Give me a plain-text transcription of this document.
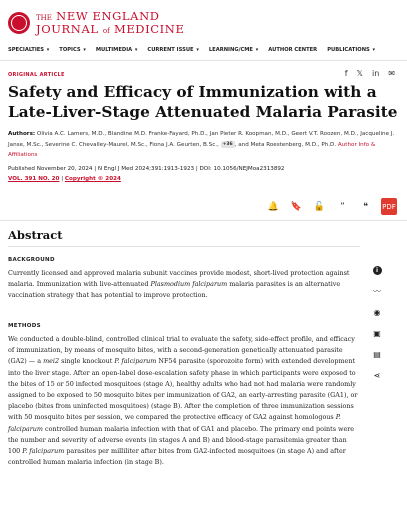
THE NEW ENGLAND
JOURNAL of MEDICINE
SPECIALTIES ▾ TOPICS ▾ MULTIMEDIA ▾ CURRENT ISSUE ▾ LEARNING/CME ▾ AUTHOR CENTER PUBLICATIONS ▾
ORIGINAL ARTICLE	f 𝕏 in ✉
Safety and Efficacy of Immunization with a Late-Liver-Stage Attenuated Malaria Parasite
Authors: Olivia A.C. Lamers, M.D., Blandine M.D. Franke-Fayard, Ph.D., Jan Pieter R. Koopman, M.D., Geert V.T. Roozen, M.D., Jacqueline J. Janse, M.Sc., Severine C. Chevalley-Maurel, M.Sc., Fiona J.A. Geurten, B.Sc., +36 , and Meta Roestenberg, M.D., Ph.D. Author Info & Affiliations
Published November 20, 2024 | N Engl J Med 2024;391:1913-1923 | DOI: 10.1056/NEJMoa2313892
VOL. 391 NO. 20 | Copyright © 2024
🔔	🔖	🔓	”	❝	PDF
Abstract
BACKGROUND

Currently licensed and approved malaria subunit vaccines provide modest, short-lived protection against malaria. Immunization with live-attenuated Plasmodium falciparum malaria parasites is an alternative vaccination strategy that has potential to improve protection.

METHODS

We conducted a double-blind, controlled clinical trial to evaluate the safety, side-effect profile, and efficacy of immunization, by means of mosquito bites, with a second-generation genetically attenuated parasite (GA2) — a mei2 single knockout P. falciparum NF54 parasite (sporozoite form) with extended development into the liver stage. After an open-label dose-escalation safety phase in which participants were exposed to the bites of 15 or 50 infected mosquitoes (stage A), healthy adults who had not had malaria were randomly assigned to be exposed to 50 mosquito bites per immunization of GA2, an early-arresting parasite (GA1), or placebo (bites from uninfected mosquitoes) (stage B). After the completion of three immunization sessions with 50 mosquito bites per session, we compared the protective efficacy of GA2 against homologous P. falciparum controlled human malaria infection with that of GA1 and placebo. The primary end points were the number and severity of adverse events (in stages A and B) and blood-stage parasitemia greater than 100 P. falciparum parasites per milliliter after bites from GA2-infected mosquitoes (in stage A) and after controlled human malaria infection (in stage B).

i
〰
◉
▣
▤
⋖
